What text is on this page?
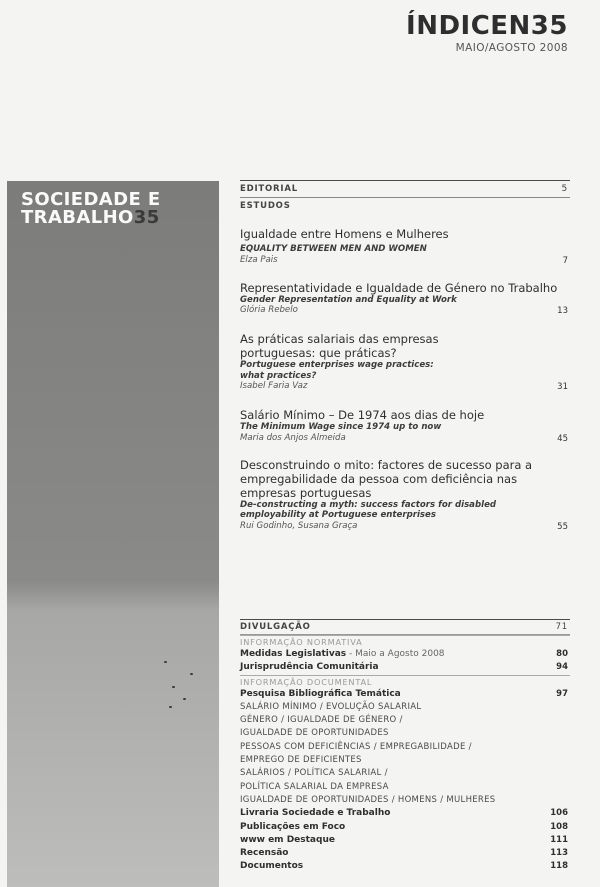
ÍNDICEN35
MAIO/AGOSTO 2008
SOCIEDADE E
TRABALHO35
EDITORIAL	5
ESTUDOS
Igualdade entre Homens e Mulheres
EQUALITY BETWEEN MEN AND WOMEN
Elza Pais	7
Representatividade e Igualdade de Género no Trabalho
Gender Representation and Equality at Work
Glória Rebelo	13
As práticas salariais das empresas portuguesas: que práticas?
Portuguese enterprises wage practices: what practices?
Isabel Faria Vaz	31
Salário Mínimo – De 1974 aos dias de hoje
The Minimum Wage since 1974 up to now
Maria dos Anjos Almeida	45
Desconstruindo o mito: factores de sucesso para a empregabilidade da pessoa com deficiência nas empresas portuguesas
De-constructing a myth: success factors for disabled employability at Portuguese enterprises
Rui Godinho, Susana Graça	55
DIVULGAÇÃO	71
INFORMAÇÃO NORMATIVA
Medidas Legislativas - Maio a Agosto 2008	80
Jurisprudência Comunitária	94
INFORMAÇÃO DOCUMENTAL
Pesquisa Bibliográfica Temática	97
SALÁRIO MÍNIMO / EVOLUÇÃO SALARIAL
GÉNERO / IGUALDADE DE GÉNERO /
IGUALDADE DE OPORTUNIDADES
PESSOAS COM DEFICIÊNCIAS / EMPREGABILIDADE /
EMPREGO DE DEFICIENTES
SALÁRIOS / POLÍTICA SALARIAL /
POLÍTICA SALARIAL DA EMPRESA
IGUALDADE DE OPORTUNIDADES / HOMENS / MULHERES
Livraria Sociedade e Trabalho	106
Publicações em Foco	108
www em Destaque	111
Recensão	113
Documentos	118
